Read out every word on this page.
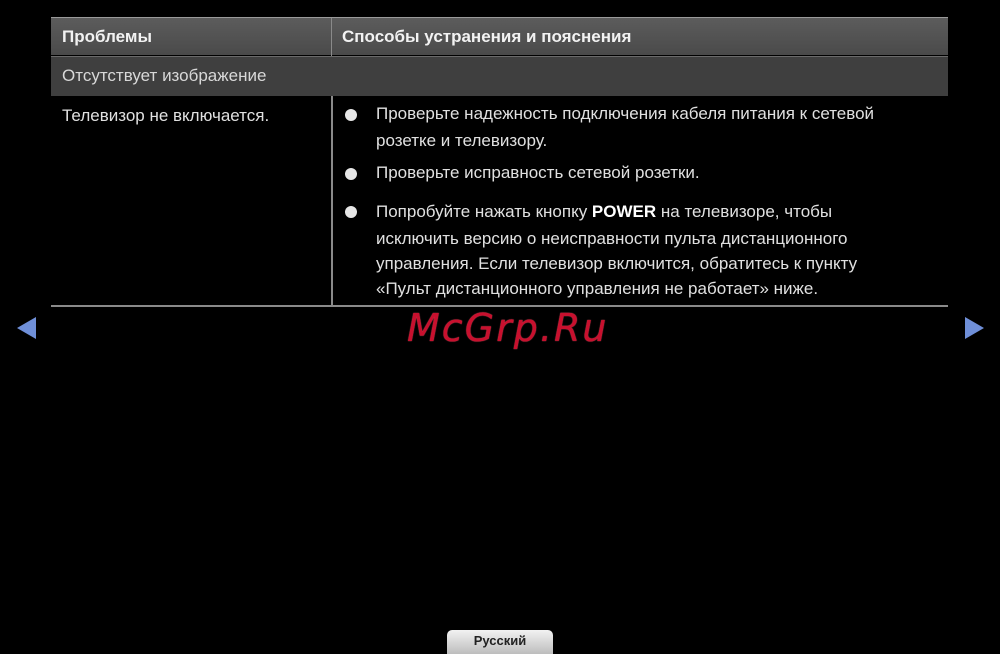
Проблемы	Способы устранения и пояснения
Отсутствует изображение
Телевизор не включается.	Проверьте надежность подключения кабеля питания к сетевой
розетке и телевизору.
Проверьте исправность сетевой розетки.
Попробуйте нажать кнопку POWER на телевизоре, чтобы
исключить версию о неисправности пульта дистанционного
управления. Если телевизор включится, обратитесь к пункту
«Пульт дистанционного управления не работает» ниже.
McGrp.Ru
Русский
